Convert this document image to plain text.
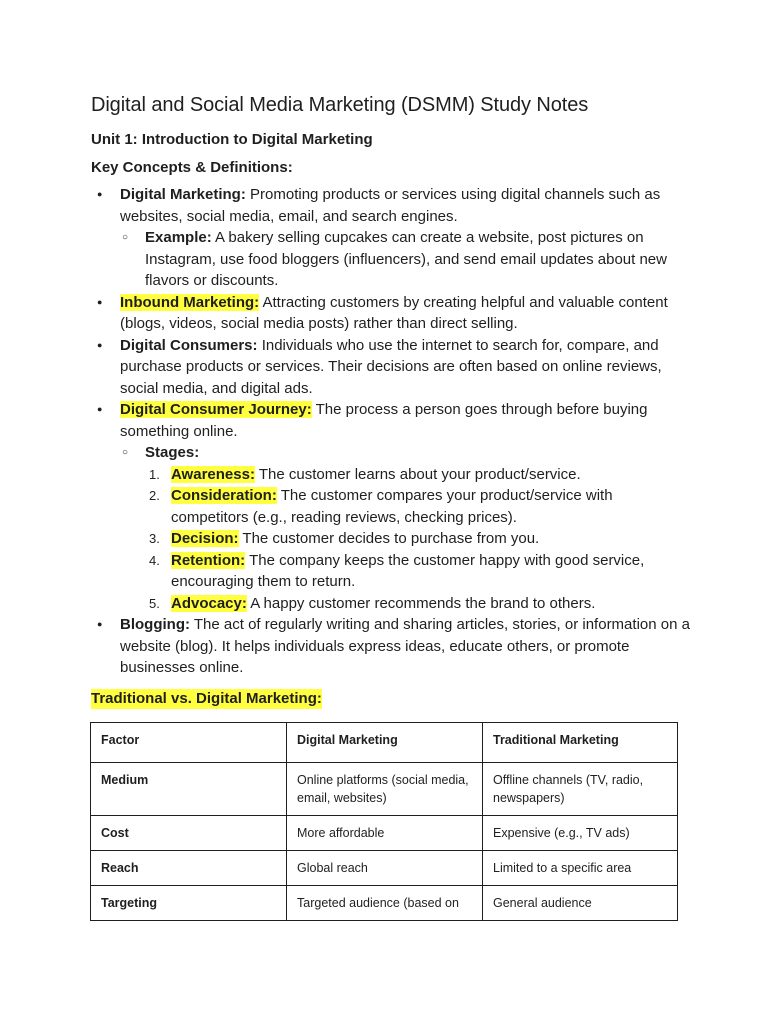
Digital and Social Media Marketing (DSMM) Study Notes
Unit 1: Introduction to Digital Marketing
Key Concepts & Definitions:
● Digital Marketing: Promoting products or services using digital channels such as websites, social media, email, and search engines.
○ Example: A bakery selling cupcakes can create a website, post pictures on Instagram, use food bloggers (influencers), and send email updates about new flavors or discounts.
● Inbound Marketing: Attracting customers by creating helpful and valuable content (blogs, videos, social media posts) rather than direct selling.
● Digital Consumers: Individuals who use the internet to search for, compare, and purchase products or services. Their decisions are often based on online reviews, social media, and digital ads.
● Digital Consumer Journey: The process a person goes through before buying something online.
○ Stages:
1. Awareness: The customer learns about your product/service.
2. Consideration: The customer compares your product/service with competitors (e.g., reading reviews, checking prices).
3. Decision: The customer decides to purchase from you.
4. Retention: The company keeps the customer happy with good service, encouraging them to return.
5. Advocacy: A happy customer recommends the brand to others.
● Blogging: The act of regularly writing and sharing articles, stories, or information on a website (blog). It helps individuals express ideas, educate others, or promote businesses online.
Traditional vs. Digital Marketing:
Factor	Digital Marketing	Traditional Marketing
Medium	Online platforms (social media, email, websites)	Offline channels (TV, radio, newspapers)
Cost	More affordable	Expensive (e.g., TV ads)
Reach	Global reach	Limited to a specific area
Targeting	Targeted audience (based on	General audience
